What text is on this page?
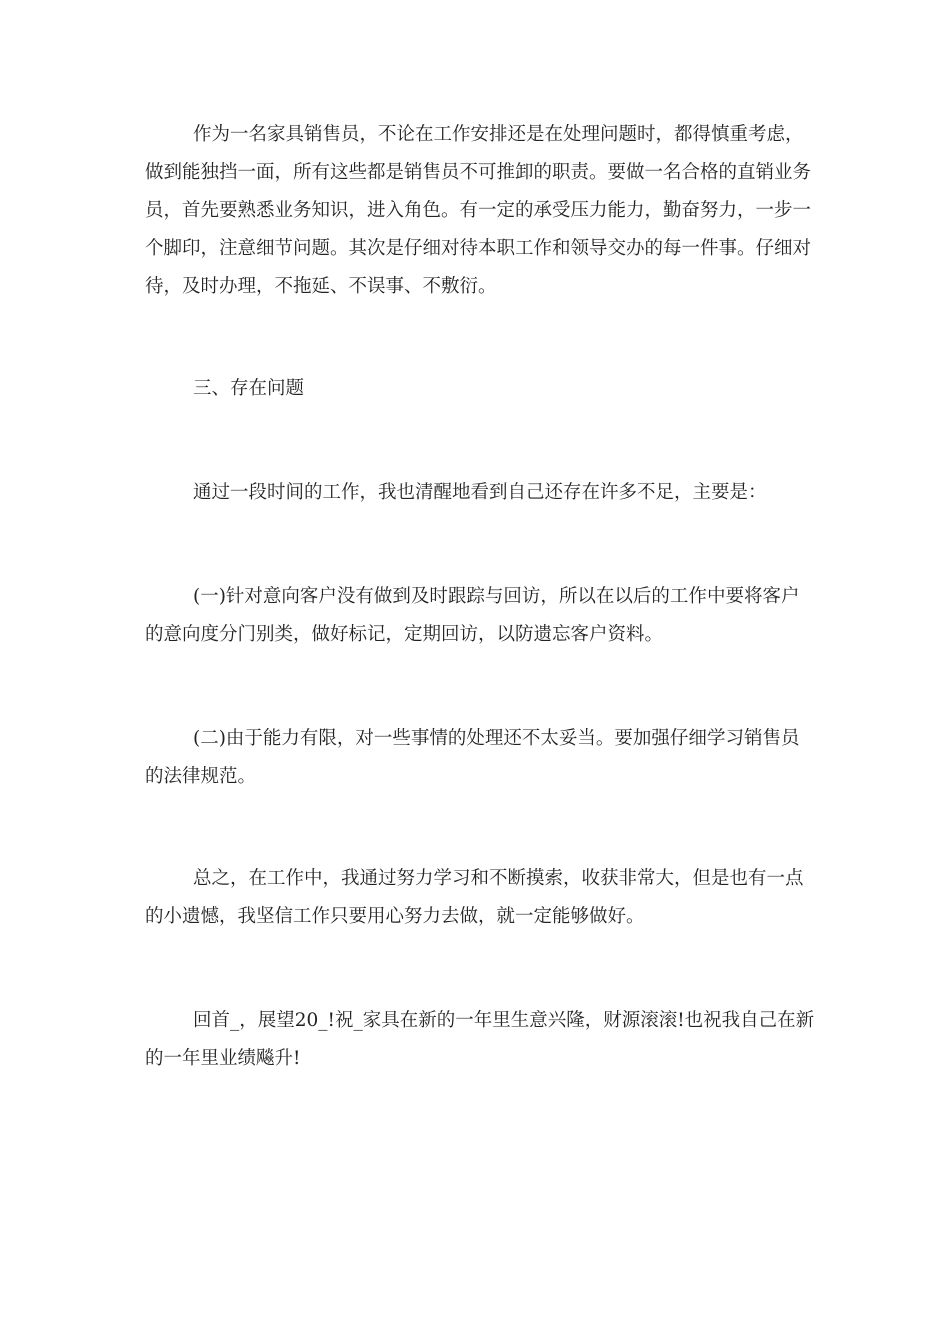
作为一名家具销售员，不论在工作安排还是在处理问题时，都得慎重考虑，做到能独挡一面，所有这些都是销售员不可推卸的职责。要做一名合格的直销业务员，首先要熟悉业务知识，进入角色。有一定的承受压力能力，勤奋努力，一步一个脚印，注意细节问题。其次是仔细对待本职工作和领导交办的每一件事。仔细对待，及时办理，不拖延、不误事、不敷衍。

三、存在问题

通过一段时间的工作，我也清醒地看到自己还存在许多不足，主要是：

(一)针对意向客户没有做到及时跟踪与回访，所以在以后的工作中要将客户的意向度分门别类，做好标记，定期回访，以防遗忘客户资料。

(二)由于能力有限，对一些事情的处理还不太妥当。要加强仔细学习销售员的法律规范。

总之，在工作中，我通过努力学习和不断摸索，收获非常大，但是也有一点的小遗憾，我坚信工作只要用心努力去做，就一定能够做好。

回首_，展望20_!祝_家具在新的一年里生意兴隆，财源滚滚!也祝我自己在新的一年里业绩飚升!
